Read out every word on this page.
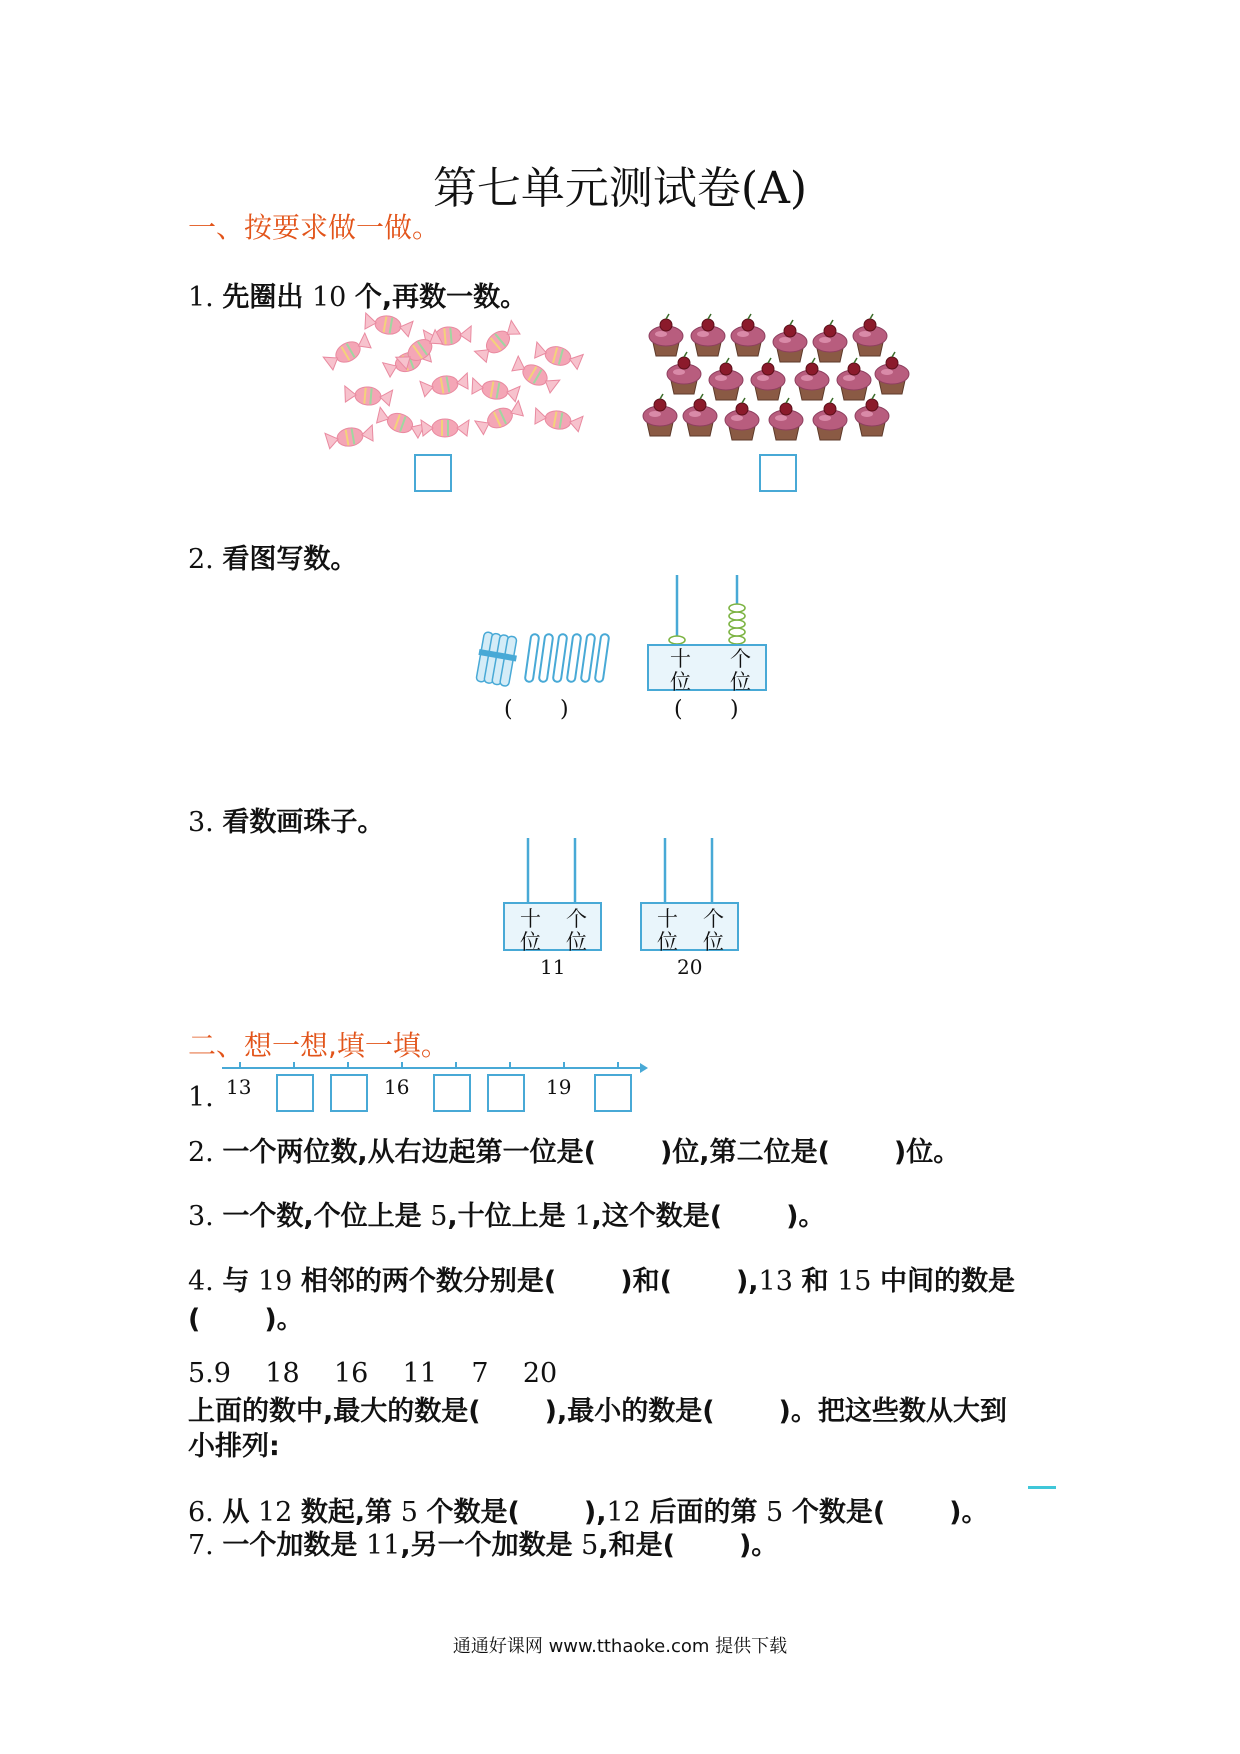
第七单元测试卷(A)
一、按要求做一做。
1. 先圈出 10 个,再数一数。
2. 看图写数。
( )
十
位
个
位
( )
3. 看数画珠子。
十
位
个
位
11
十
位
个
位
20
二、想一想,填一填。
1. 13	16	19
2. 一个两位数,从右边起第一位是( )位,第二位是( )位。
3. 一个数,个位上是 5,十位上是 1,这个数是( )。
4. 与 19 相邻的两个数分别是( )和( ),13 和 15 中间的数是
( )。
5.9    18    16    11    7    20
上面的数中,最大的数是( ),最小的数是( )。把这些数从大到
小排列:
6. 从 12 数起,第 5 个数是( ),12 后面的第 5 个数是( )。
7. 一个加数是 11,另一个加数是 5,和是( )。
通通好课网 www.tthaoke.com 提供下载
